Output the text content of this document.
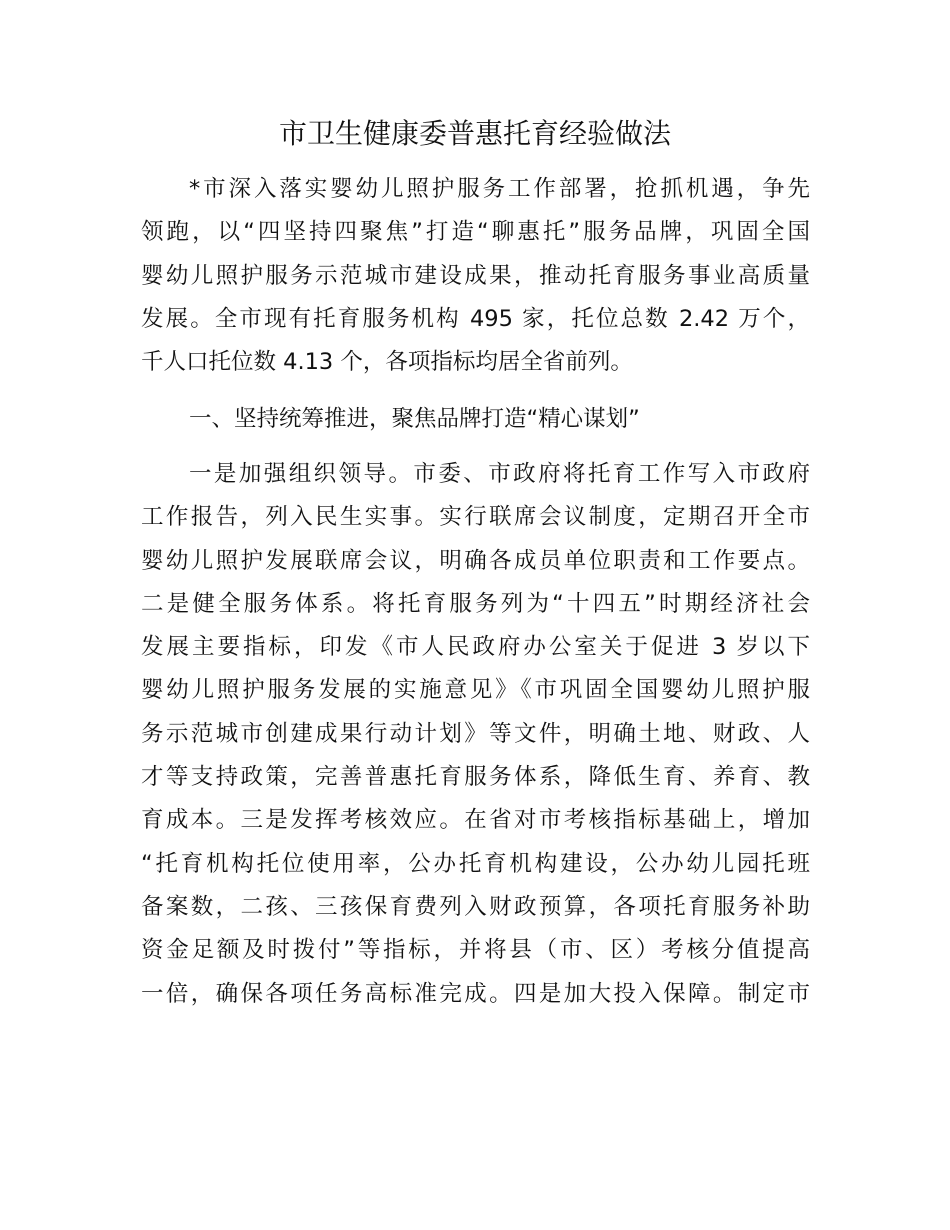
市卫生健康委普惠托育经验做法
*市深入落实婴幼儿照护服务工作部署，抢抓机遇，争先
领跑，以“四坚持四聚焦”打造“聊惠托”服务品牌，巩固全国
婴幼儿照护服务示范城市建设成果，推动托育服务事业高质量
发展。全市现有托育服务机构 495 家，托位总数 2.42 万个，
千人口托位数 4.13 个，各项指标均居全省前列。
一、坚持统筹推进，聚焦品牌打造“精心谋划”
一是加强组织领导。市委、市政府将托育工作写入市政府
工作报告，列入民生实事。实行联席会议制度，定期召开全市
婴幼儿照护发展联席会议，明确各成员单位职责和工作要点。
二是健全服务体系。将托育服务列为“十四五”时期经济社会
发展主要指标，印发《市人民政府办公室关于促进 3 岁以下
婴幼儿照护服务发展的实施意见》《市巩固全国婴幼儿照护服
务示范城市创建成果行动计划》等文件，明确土地、财政、人
才等支持政策，完善普惠托育服务体系，降低生育、养育、教
育成本。三是发挥考核效应。在省对市考核指标基础上，增加
“托育机构托位使用率，公办托育机构建设，公办幼儿园托班
备案数，二孩、三孩保育费列入财政预算，各项托育服务补助
资金足额及时拨付”等指标，并将县（市、区）考核分值提高
一倍，确保各项任务高标准完成。四是加大投入保障。制定市
